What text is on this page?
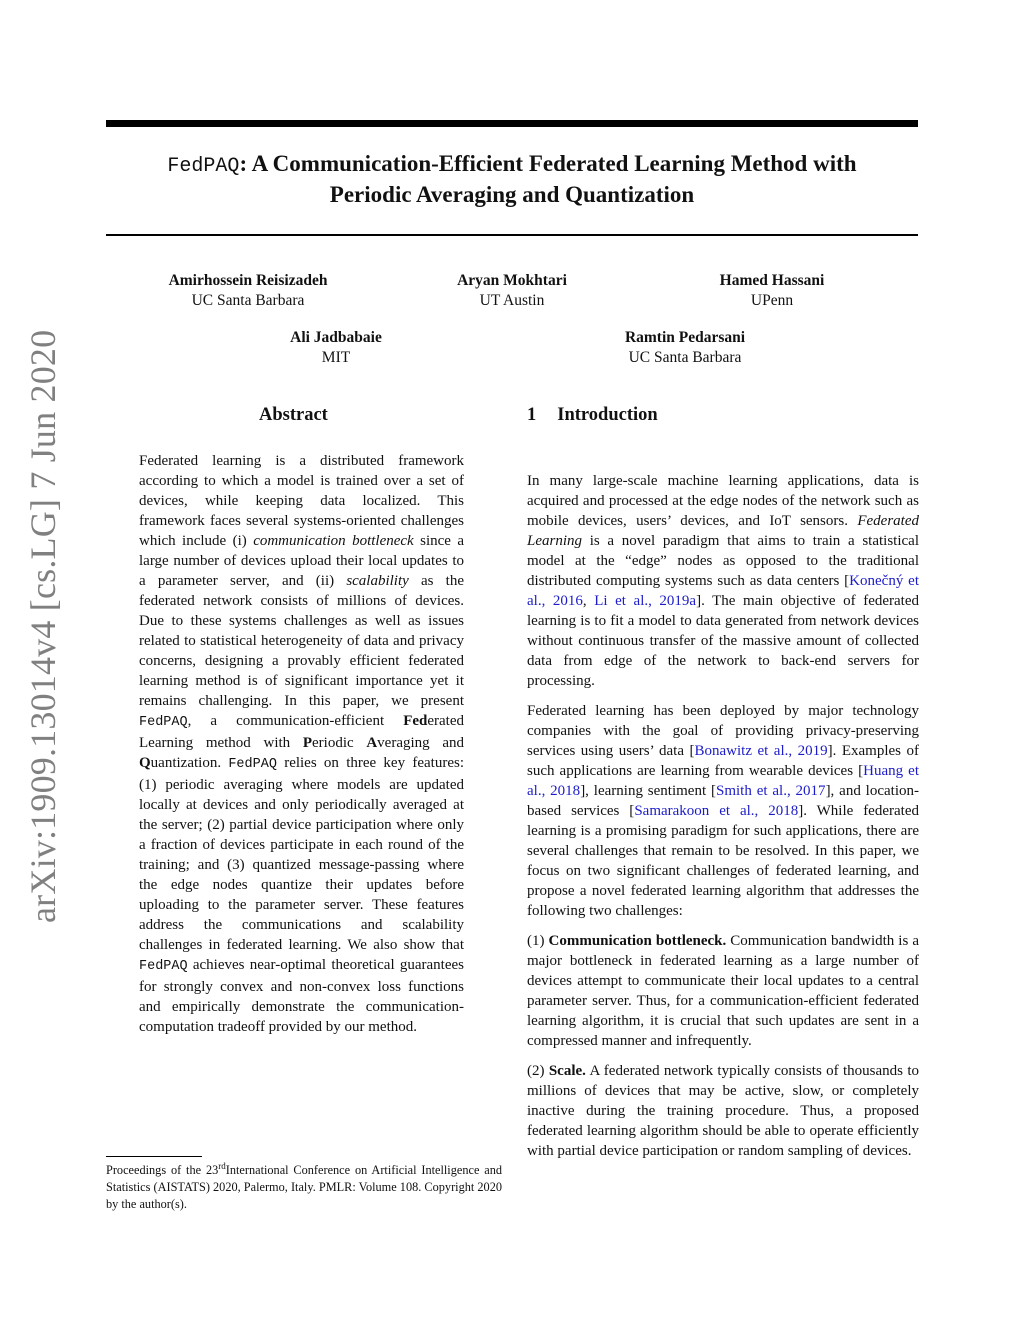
FedPAQ: A Communication-Efficient Federated Learning Method with
Periodic Averaging and Quantization
Amirhossein Reisizadeh
UC Santa Barbara
Aryan Mokhtari
UT Austin
Hamed Hassani
UPenn
Ali Jadbabaie
MIT
Ramtin Pedarsani
UC Santa Barbara
arXiv:1909.13014v4 [cs.LG] 7 Jun 2020	Abstract

Federated learning is a distributed framework according to which a model is trained over a set of devices, while keeping data localized. This framework faces several systems-oriented challenges which include (i) communication bottleneck since a large number of devices upload their local updates to a parameter server, and (ii) scalability as the federated network consists of millions of devices. Due to these systems challenges as well as issues related to statistical heterogeneity of data and privacy concerns, designing a provably efficient federated learning method is of significant importance yet it remains challenging. In this paper, we present FedPAQ, a communication-efficient Federated Learning method with Periodic Averaging and Quantization. FedPAQ relies on three key features: (1) periodic averaging where models are updated locally at devices and only periodically averaged at the server; (2) partial device participation where only a fraction of devices participate in each round of the training; and (3) quantized message-passing where the edge nodes quantize their updates before uploading to the parameter server. These features address the communications and scalability challenges in federated learning. We also show that FedPAQ achieves near-optimal theoretical guarantees for strongly convex and non-convex loss functions and empirically demonstrate the communication-computation tradeoff provided by our method.

Proceedings of the 23rdInternational Conference on Artificial Intelligence and Statistics (AISTATS) 2020, Palermo, Italy. PMLR: Volume 108. Copyright 2020 by the author(s).
1 Introduction

In many large-scale machine learning applications, data is acquired and processed at the edge nodes of the network such as mobile devices, users’ devices, and IoT sensors. Federated Learning is a novel paradigm that aims to train a statistical model at the “edge” nodes as opposed to the traditional distributed computing systems such as data centers [Konečný et al., 2016, Li et al., 2019a]. The main objective of federated learning is to fit a model to data generated from network devices without continuous transfer of the massive amount of collected data from edge of the network to back-end servers for processing.

Federated learning has been deployed by major technology companies with the goal of providing privacy-preserving services using users’ data [Bonawitz et al., 2019]. Examples of such applications are learning from wearable devices [Huang et al., 2018], learning sentiment [Smith et al., 2017], and location-based services [Samarakoon et al., 2018]. While federated learning is a promising paradigm for such applications, there are several challenges that remain to be resolved. In this paper, we focus on two significant challenges of federated learning, and propose a novel federated learning algorithm that addresses the following two challenges:

(1) Communication bottleneck. Communication bandwidth is a major bottleneck in federated learning as a large number of devices attempt to communicate their local updates to a central parameter server. Thus, for a communication-efficient federated learning algorithm, it is crucial that such updates are sent in a compressed manner and infrequently.

(2) Scale. A federated network typically consists of thousands to millions of devices that may be active, slow, or completely inactive during the training procedure. Thus, a proposed federated learning algorithm should be able to operate efficiently with partial device participation or random sampling of devices.
